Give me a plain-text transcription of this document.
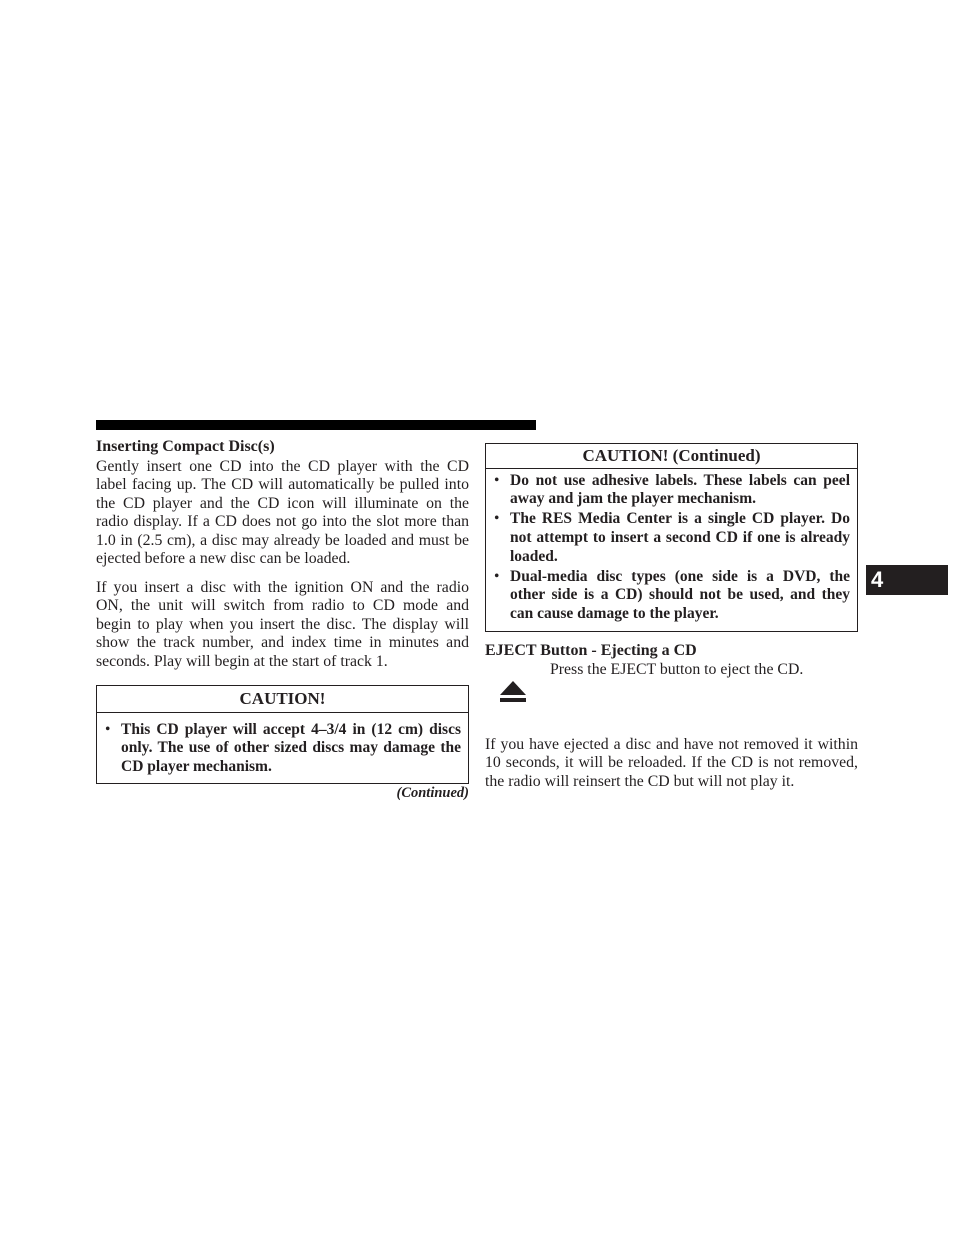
Inserting Compact Disc(s)
Gently insert one CD into the CD player with the CD
label facing up. The CD will automatically be pulled into
the CD player and the CD icon will illuminate on the
radio display. If a CD does not go into the slot more than
1.0 in (2.5 cm), a disc may already be loaded and must be
ejected before a new disc can be loaded.
If you insert a disc with the ignition ON and the radio
ON, the unit will switch from radio to CD mode and
begin to play when you insert the disc. The display will
show the track number, and index time in minutes and
seconds. Play will begin at the start of track 1.
CAUTION!
• This CD player will accept 4–3/4 in (12 cm) discs
only. The use of other sized discs may damage the
CD player mechanism.
(Continued)
CAUTION! (Continued)
• Do not use adhesive labels. These labels can peel
away and jam the player mechanism.
• The RES Media Center is a single CD player. Do
not attempt to insert a second CD if one is already
loaded.
• Dual-media disc types (one side is a DVD, the
other side is a CD) should not be used, and they
can cause damage to the player.
EJECT Button - Ejecting a CD
Press the EJECT button to eject the CD.
If you have ejected a disc and have not removed it within
10 seconds, it will be reloaded. If the CD is not removed,
the radio will reinsert the CD but will not play it.
4
